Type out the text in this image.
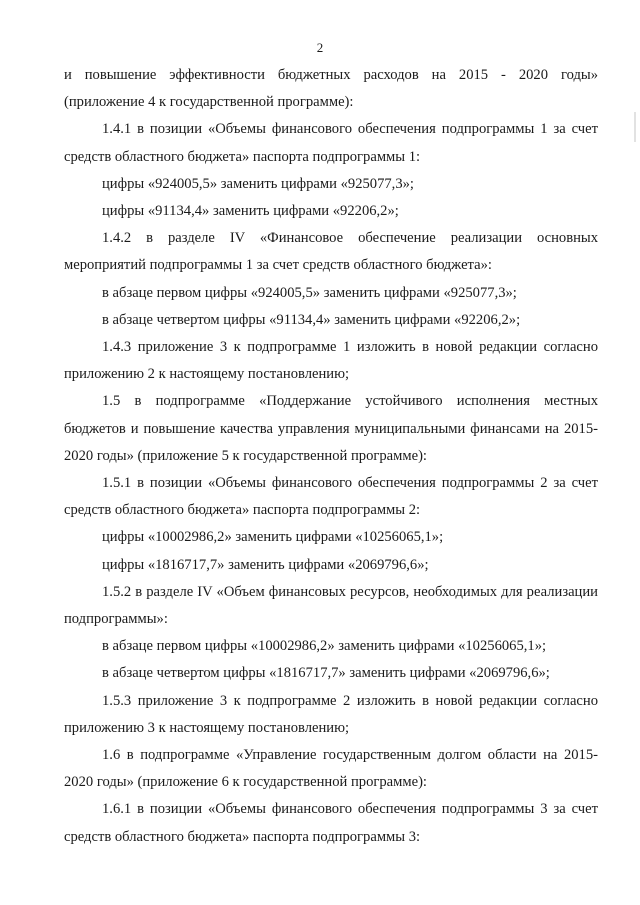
2

и повышение эффективности бюджетных расходов на 2015 - 2020 годы» (приложение 4 к государственной программе):

1.4.1 в позиции «Объемы финансового обеспечения подпрограммы 1 за счет средств областного бюджета» паспорта подпрограммы 1:

цифры «924005,5» заменить цифрами «925077,3»;

цифры «91134,4» заменить цифрами «92206,2»;

1.4.2 в разделе IV «Финансовое обеспечение реализации основных мероприятий подпрограммы 1 за счет средств областного бюджета»:

в абзаце первом цифры «924005,5» заменить цифрами «925077,3»;

в абзаце четвертом цифры «91134,4» заменить цифрами «92206,2»;

1.4.3 приложение 3 к подпрограмме 1 изложить в новой редакции согласно приложению 2 к настоящему постановлению;

1.5 в подпрограмме «Поддержание устойчивого исполнения местных бюджетов и повышение качества управления муниципальными финансами на 2015-2020 годы» (приложение 5 к государственной программе):

1.5.1 в позиции «Объемы финансового обеспечения подпрограммы 2 за счет средств областного бюджета» паспорта подпрограммы 2:

цифры «10002986,2» заменить цифрами «10256065,1»;

цифры «1816717,7» заменить цифрами «2069796,6»;

1.5.2 в разделе IV «Объем финансовых ресурсов, необходимых для реализации подпрограммы»:

в абзаце первом цифры «10002986,2» заменить цифрами «10256065,1»;

в абзаце четвертом цифры «1816717,7» заменить цифрами «2069796,6»;

1.5.3 приложение 3 к подпрограмме 2 изложить в новой редакции согласно приложению 3 к настоящему постановлению;

1.6 в подпрограмме «Управление государственным долгом области на 2015-2020 годы» (приложение 6 к государственной программе):

1.6.1 в позиции «Объемы финансового обеспечения подпрограммы 3 за счет средств областного бюджета» паспорта подпрограммы 3:
